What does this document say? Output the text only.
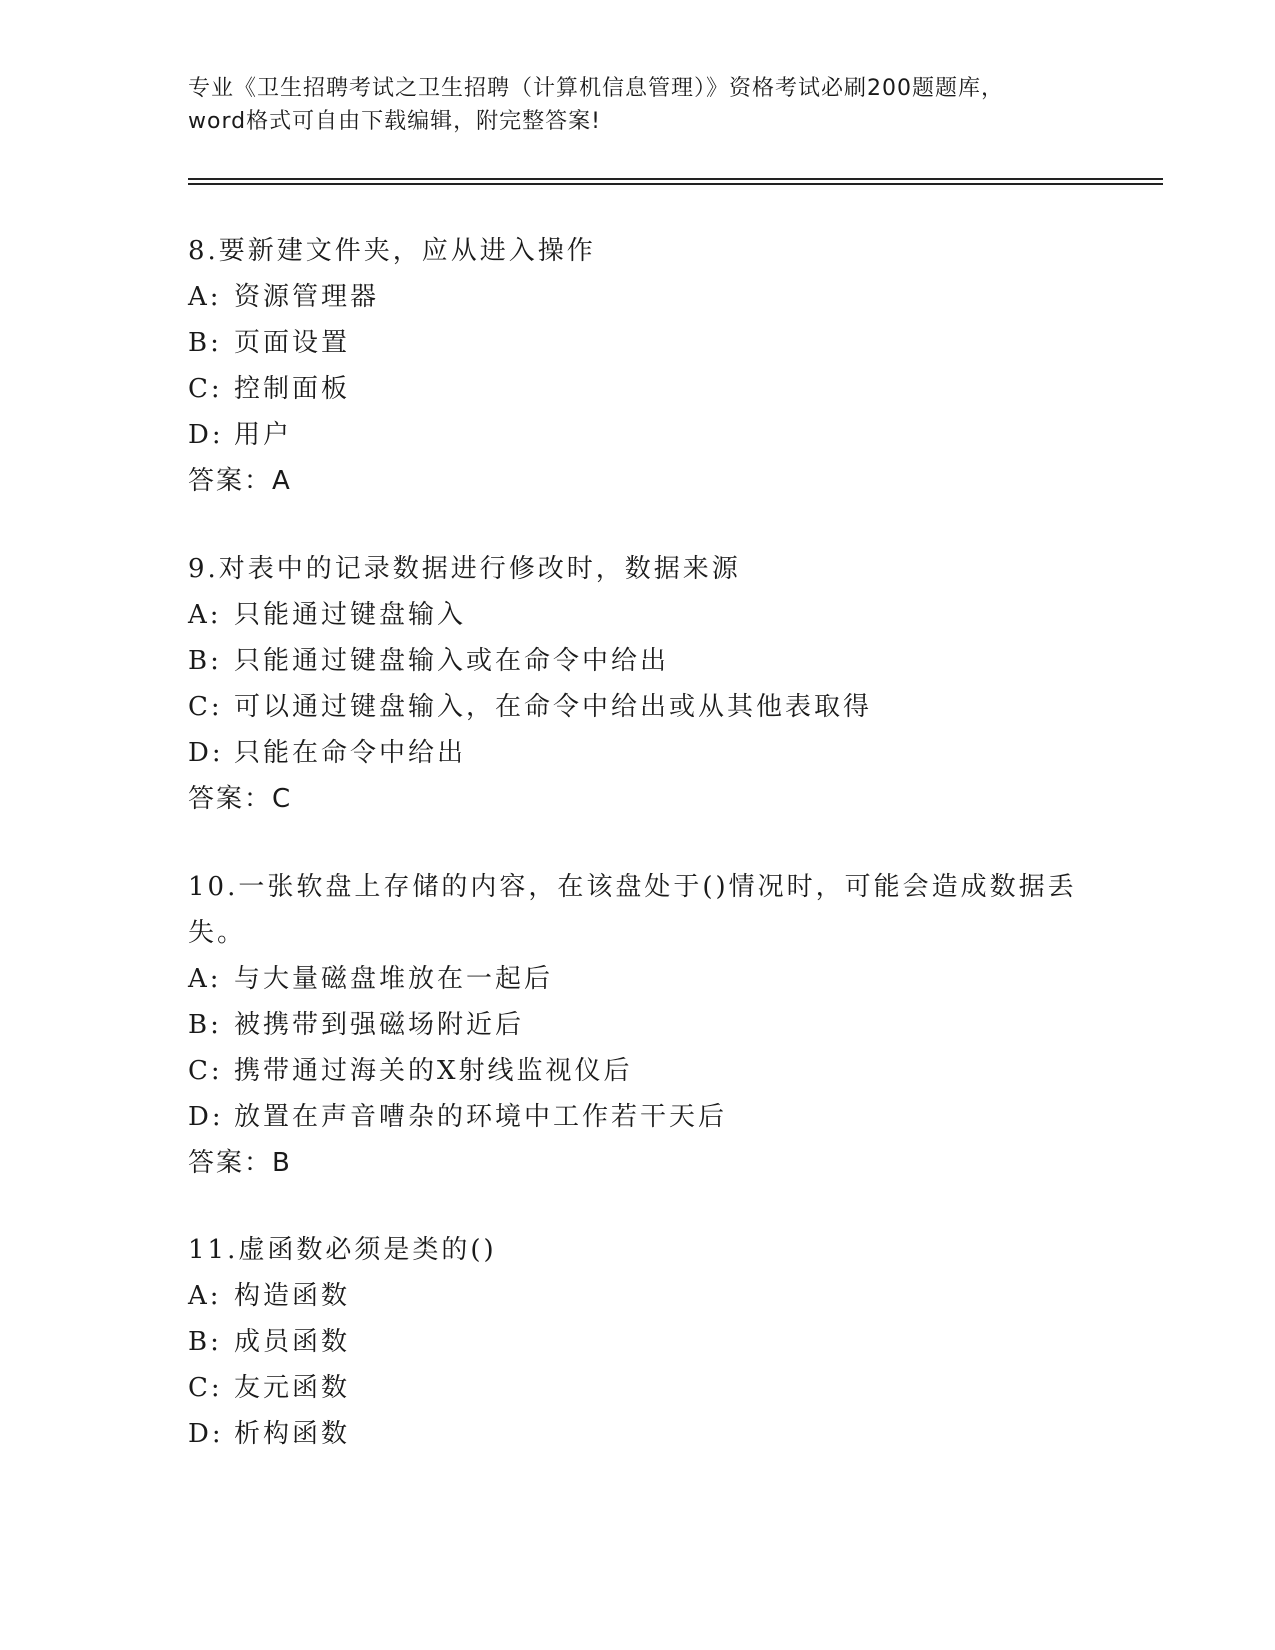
专业《卫生招聘考试之卫生招聘（计算机信息管理）》资格考试必刷200题题库，
word格式可自由下载编辑，附完整答案!
8.要新建文件夹，应从进入操作
A: 资源管理器
B: 页面设置
C: 控制面板
D: 用户
答案：A
9.对表中的记录数据进行修改时，数据来源
A: 只能通过键盘输入
B: 只能通过键盘输入或在命令中给出
C: 可以通过键盘输入，在命令中给出或从其他表取得
D: 只能在命令中给出
答案：C
10.一张软盘上存储的内容，在该盘处于()情况时，可能会造成数据丢
失。
A: 与大量磁盘堆放在一起后
B: 被携带到强磁场附近后
C: 携带通过海关的X射线监视仪后
D: 放置在声音嘈杂的环境中工作若干天后
答案：B
11.虚函数必须是类的()
A: 构造函数
B: 成员函数
C: 友元函数
D: 析构函数
